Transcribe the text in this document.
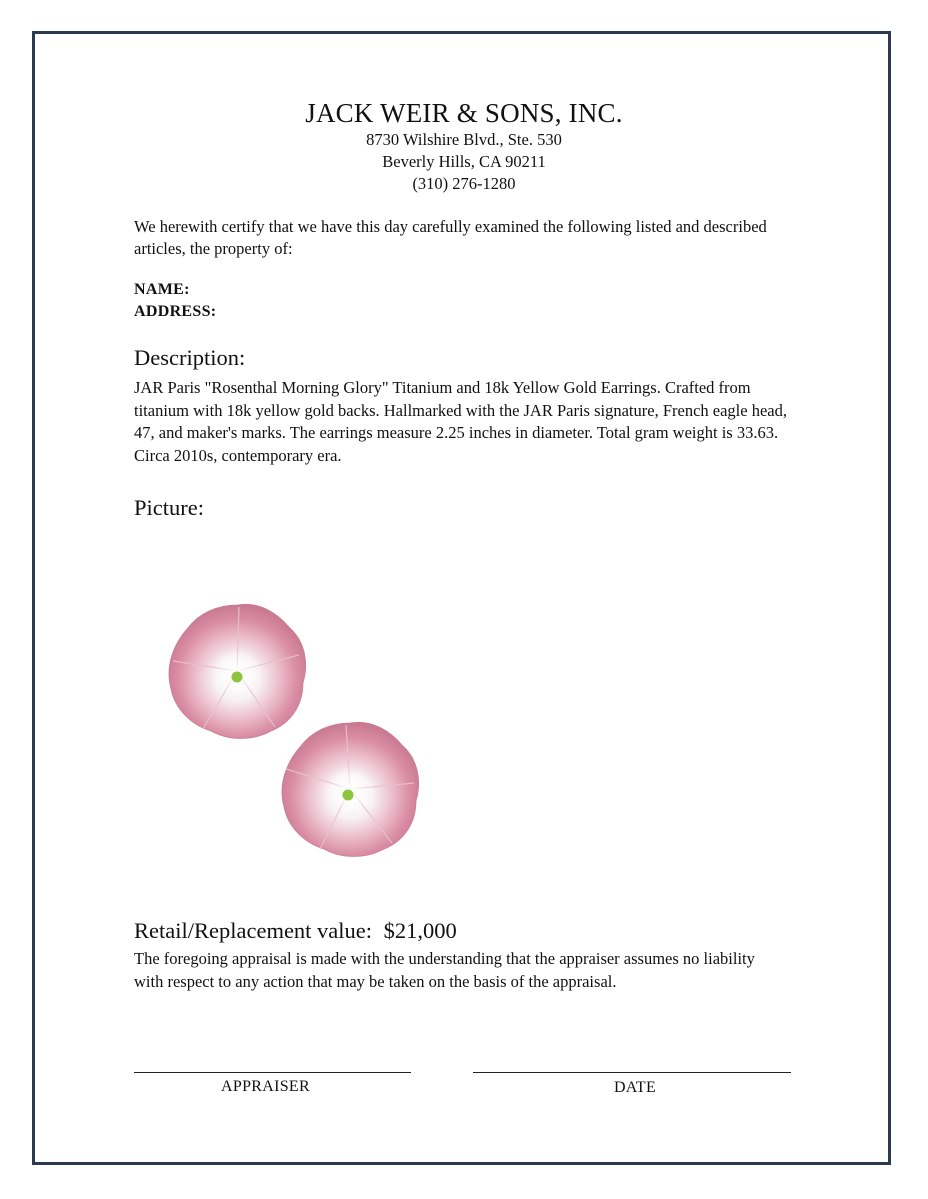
JACK WEIR & SONS, INC.
8730 Wilshire Blvd., Ste. 530
Beverly Hills, CA 90211
(310) 276-1280
We herewith certify that we have this day carefully examined the following listed and described articles, the property of:
NAME:
ADDRESS:
Description:
JAR Paris "Rosenthal Morning Glory" Titanium and 18k Yellow Gold Earrings. Crafted from titanium with 18k yellow gold backs. Hallmarked with the JAR Paris signature, French eagle head, 47, and maker's marks. The earrings measure 2.25 inches in diameter. Total gram weight is 33.63. Circa 2010s, contemporary era.
Picture:
Retail/Replacement value: $21,000
The foregoing appraisal is made with the understanding that the appraiser assumes no liability with respect to any action that may be taken on the basis of the appraisal.
APPRAISER	DATE
